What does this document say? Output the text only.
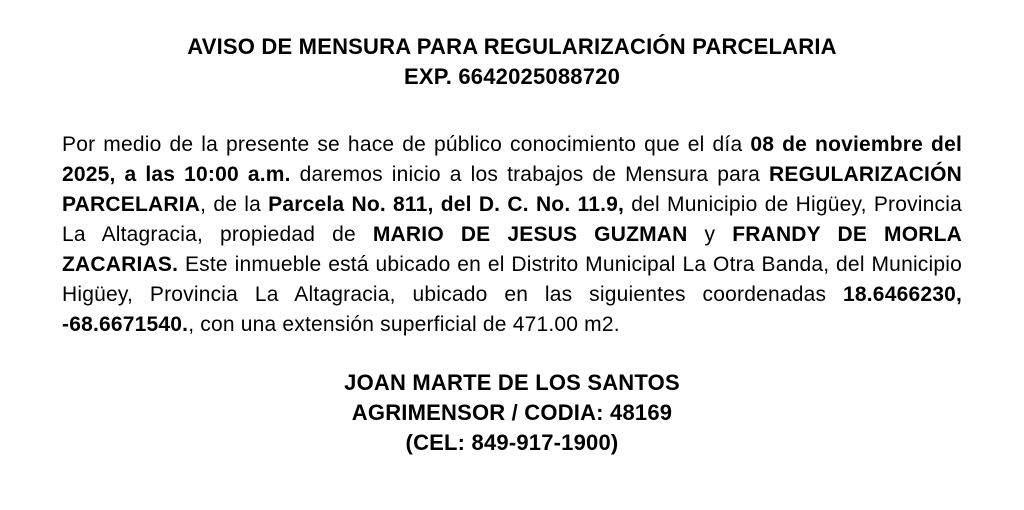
AVISO DE MENSURA PARA REGULARIZACIÓN PARCELARIA
EXP. 6642025088720

Por medio de la presente se hace de público conocimiento que el día 08 de noviembre del 2025, a las 10:00 a.m. daremos inicio a los trabajos de Mensura para REGULARIZACIÓN PARCELARIA, de la Parcela No. 811, del D. C. No. 11.9, del Municipio de Higüey, Provincia La Altagracia, propiedad de MARIO DE JESUS GUZMAN y FRANDY DE MORLA ZACARIAS. Este inmueble está ubicado en el Distrito Municipal La Otra Banda, del Municipio Higüey, Provincia La Altagracia, ubicado en las siguientes coordenadas 18.6466230, -68.6671540., con una extensión superficial de 471.00 m2.

JOAN MARTE DE LOS SANTOS
AGRIMENSOR / CODIA: 48169
(CEL: 849-917-1900)
